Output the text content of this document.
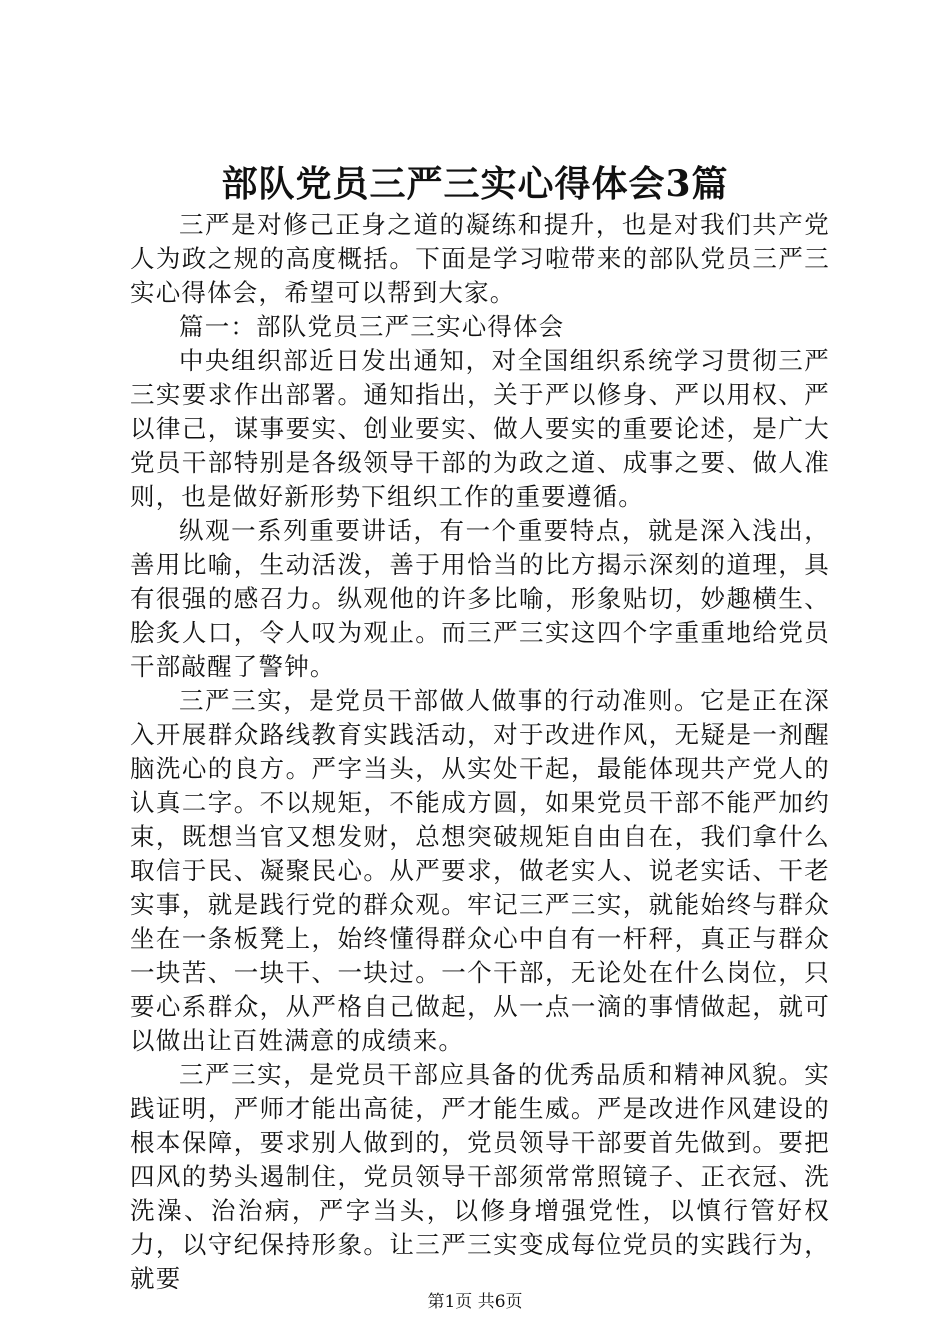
部队党员三严三实心得体会3篇

三严是对修己正身之道的凝练和提升，也是对我们共产党人为政之规的高度概括。下面是学习啦带来的部队党员三严三实心得体会，希望可以帮到大家。

篇一：部队党员三严三实心得体会

中央组织部近日发出通知，对全国组织系统学习贯彻三严三实要求作出部署。通知指出，关于严以修身、严以用权、严以律己，谋事要实、创业要实、做人要实的重要论述，是广大党员干部特别是各级领导干部的为政之道、成事之要、做人准则，也是做好新形势下组织工作的重要遵循。

纵观一系列重要讲话，有一个重要特点，就是深入浅出，善用比喻，生动活泼，善于用恰当的比方揭示深刻的道理，具有很强的感召力。纵观他的许多比喻，形象贴切，妙趣横生、脍炙人口，令人叹为观止。而三严三实这四个字重重地给党员干部敲醒了警钟。

三严三实，是党员干部做人做事的行动准则。它是正在深入开展群众路线教育实践活动，对于改进作风，无疑是一剂醒脑洗心的良方。严字当头，从实处干起，最能体现共产党人的认真二字。不以规矩，不能成方圆，如果党员干部不能严加约束，既想当官又想发财，总想突破规矩自由自在，我们拿什么取信于民、凝聚民心。从严要求，做老实人、说老实话、干老实事，就是践行党的群众观。牢记三严三实，就能始终与群众坐在一条板凳上，始终懂得群众心中自有一杆秤，真正与群众一块苦、一块干、一块过。一个干部，无论处在什么岗位，只要心系群众，从严格自己做起，从一点一滴的事情做起，就可以做出让百姓满意的成绩来。

三严三实，是党员干部应具备的优秀品质和精神风貌。实践证明，严师才能出高徒，严才能生威。严是改进作风建设的根本保障，要求别人做到的，党员领导干部要首先做到。要把四风的势头遏制住，党员领导干部须常常照镜子、正衣冠、洗洗澡、治治病，严字当头，以修身增强党性，以慎行管好权力，以守纪保持形象。让三严三实变成每位党员的实践行为，就要

第1页 共6页
